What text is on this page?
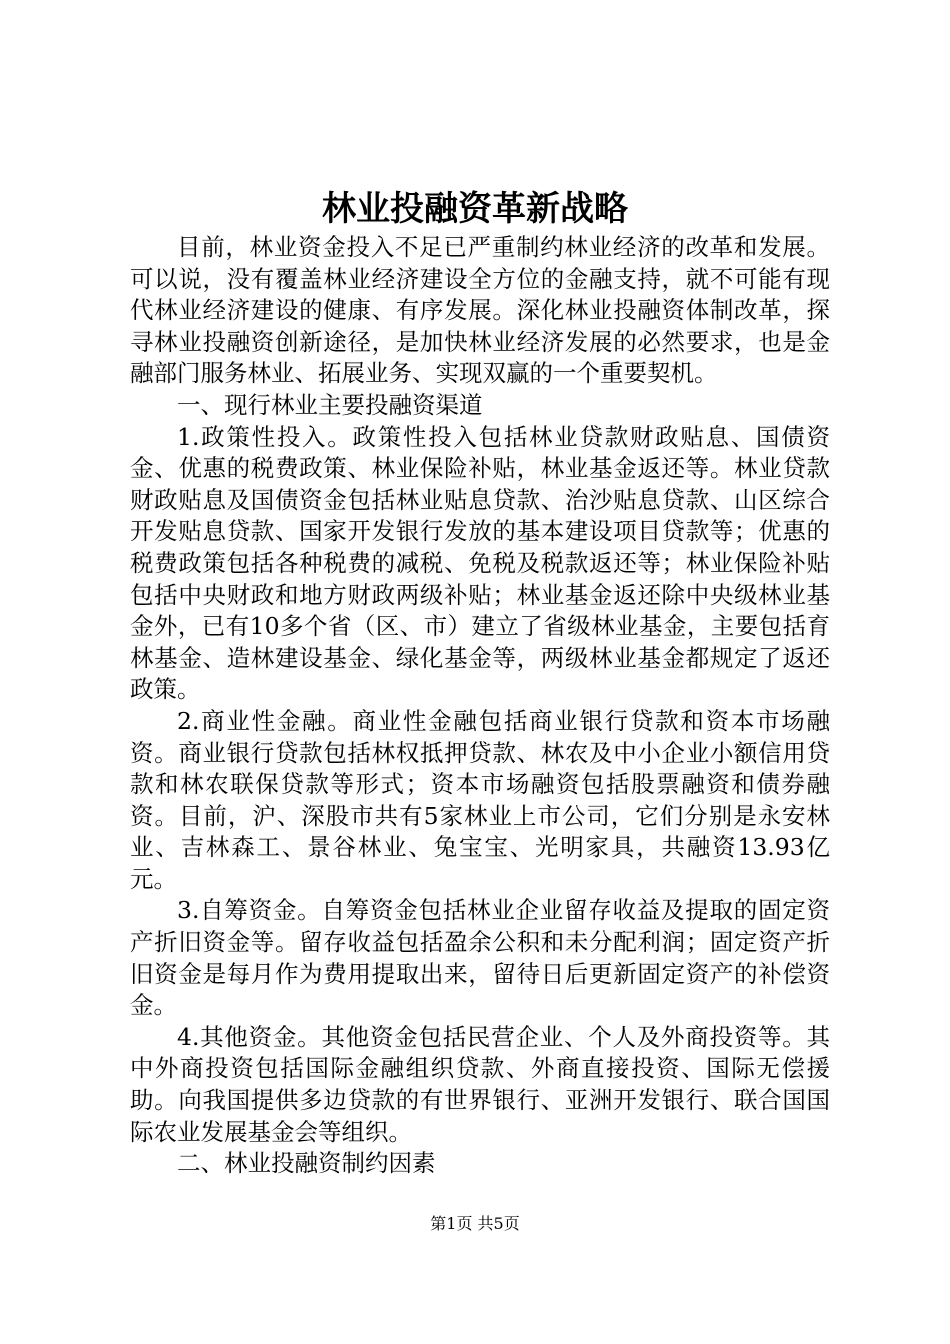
林业投融资革新战略

目前，林业资金投入不足已严重制约林业经济的改革和发展。可以说，没有覆盖林业经济建设全方位的金融支持，就不可能有现代林业经济建设的健康、有序发展。深化林业投融资体制改革，探寻林业投融资创新途径，是加快林业经济发展的必然要求，也是金融部门服务林业、拓展业务、实现双赢的一个重要契机。

一、现行林业主要投融资渠道

1.政策性投入。政策性投入包括林业贷款财政贴息、国债资金、优惠的税费政策、林业保险补贴，林业基金返还等。林业贷款财政贴息及国债资金包括林业贴息贷款、治沙贴息贷款、山区综合开发贴息贷款、国家开发银行发放的基本建设项目贷款等；优惠的税费政策包括各种税费的减税、免税及税款返还等；林业保险补贴包括中央财政和地方财政两级补贴；林业基金返还除中央级林业基金外，已有10多个省（区、市）建立了省级林业基金，主要包括育林基金、造林建设基金、绿化基金等，两级林业基金都规定了返还政策。

2.商业性金融。商业性金融包括商业银行贷款和资本市场融资。商业银行贷款包括林权抵押贷款、林农及中小企业小额信用贷款和林农联保贷款等形式；资本市场融资包括股票融资和债券融资。目前，沪、深股市共有5家林业上市公司，它们分别是永安林业、吉林森工、景谷林业、兔宝宝、光明家具，共融资13.93亿元。

3.自筹资金。自筹资金包括林业企业留存收益及提取的固定资产折旧资金等。留存收益包括盈余公积和未分配利润；固定资产折旧资金是每月作为费用提取出来，留待日后更新固定资产的补偿资金。

4.其他资金。其他资金包括民营企业、个人及外商投资等。其中外商投资包括国际金融组织贷款、外商直接投资、国际无偿援助。向我国提供多边贷款的有世界银行、亚洲开发银行、联合国国际农业发展基金会等组织。

二、林业投融资制约因素

第1页 共5页
